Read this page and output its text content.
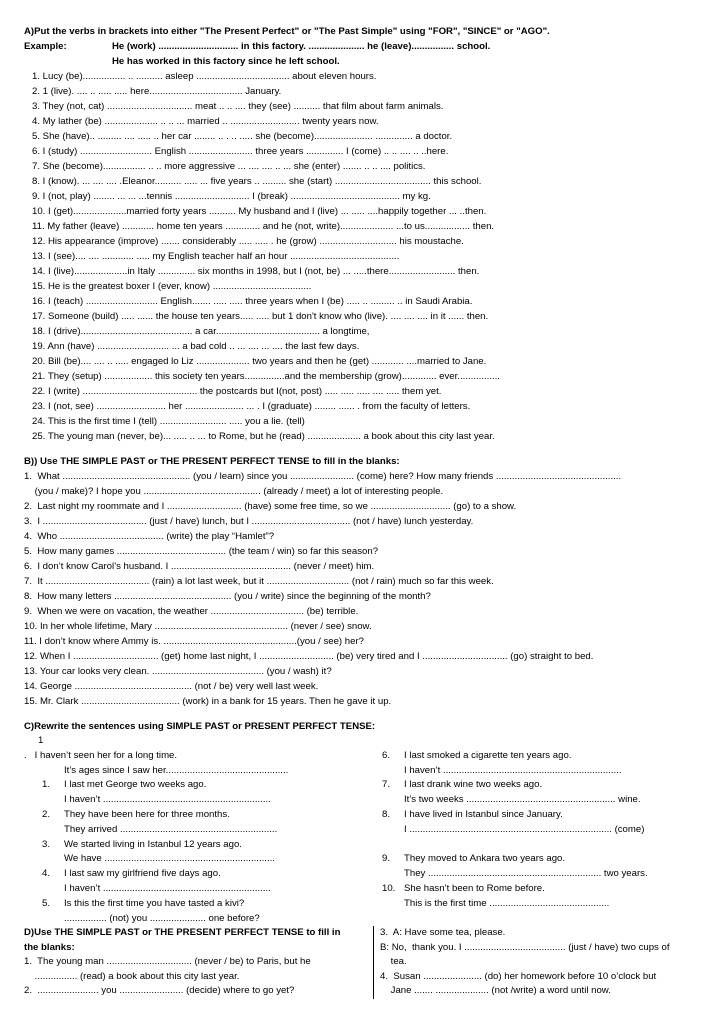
A)Put the verbs in brackets into either "The Present Perfect" or "The Past Simple" using "FOR", "SINCE" or "AGO".
Example:	He (work) .............................. in this factory. ..................... he (leave)................ school.
He has worked in this factory since he left school.
1. Lucy (be)................ .. .......... asleep ................................... about eleven hours.
2. 1 (live). .... .. ..... ..... here................................... January.
3. They (not, cat) ................................ meat .. .. .... they (see) .......... that film about farm animals.
4. My lather (be) .................... .. .. ... married .. .......................... twenty years now.
5. She (have).. ......... .... ..... .. her car ........ .. . .. ..... she (become)...................... .............. a doctor.
6. I (study) ........................... English ........................ three years .............. I (come) .. .. .... .. ..here.
7. She (become)................ .. .. more aggressive ... .... .... .. ... she (enter) ....... .. .. .... politics.
8. I (know). ... .... .... .Eleanor.......... ..... ... five years .. ......... she (start) .................................... this school.
9. I (not, play) ........ ... ... ...tennis ............................ I (break) ......................................... my kg.
10. I (get)....................married forty years .......... My husband and I (live) ... ..... ....happily together ... ..then.
11. My father (leave) ............ home ten years ............. and he (not, write).................... ...to us................. then.
12. His appearance (improve) ....... considerably ..... ..... . he (grow) ............................. his moustache.
13. I (see).... .... ............ ..... my English teacher half an hour .........................................
14. I (live)....................in Italy .............. six months in 1998, but I (not, be) ... .....there......................... then.
15. He is the greatest boxer I (ever, know) .....................................
16. I (teach) ........................... English....... ..... ..... three years when I (be) ..... .. ......... .. in Saudi Arabia.
17. Someone (build) ..... ...... the house ten years..... ..... but 1 don't know who (live). .... .... .... in it ...... then.
18. I (drive).......................................... a car....................................... a longtime,
19. Ann (have) ........................... ... a bad cold .. ... .... ... .... the last few days.
20. Bill (be).... .... .. ..... engaged lo Liz .................... two years and then he (get) ............ ....married to Jane.
21. They (setup) .................. this society ten years...............and the membership (grow)............. ever................
22. I (write) ........................................... the postcards but I(not, post) ..... ..... ..... .... ..... them yet.
23. I (not, see) .......................... her ...................... ... . I (graduate) ........ ...... . from the faculty of letters.
24. This is the first time I (tell) ......................... ..... you a lie. (tell)
25. The young man (never, be)... ..... .. ... to Rome, but he (read) .................... a book about this city last year.
B)) Use THE SIMPLE PAST or THE PRESENT PERFECT TENSE to fill in the blanks:
1.  What ................................................ (you / learn) since you ........................ (come) here? How many friends ...............................................
(you / make)? I hope you ............................................ (already / meet) a lot of interesting people.
2.  Last night my roommate and I ............................ (have) some free time, so we .............................. (go) to a show.
3.  I ....................................... (just / have) lunch, but I ..................................... (not / have) lunch yesterday.
4.  Who ....................................... (write) the play “Hamlet”?
5.  How many games ......................................... (the team / win) so far this season?
6.  I don’t know Carol’s husband. I ............................................. (never / meet) him.
7.  It ....................................... (rain) a lot last week, but it ............................... (not / rain) much so far this week.
8.  How many letters ............................................ (you / write) since the beginning of the month?
9.  When we were on vacation, the weather ................................... (be) terrible.
10. In her whole lifetime, Mary .................................................. (never / see) snow.
11. I don’t know where Ammy is. ..................................................(you / see) her?
12. When I ................................ (get) home last night, I ............................ (be) very tired and I ................................ (go) straight to bed.
13. Your car looks very clean. .......................................... (you / wash) it?
14. George ............................................ (not / be) very well last week.
15. Mr. Clark ..................................... (work) in a bank for 15 years. Then he gave it up.
C)Rewrite the sentences using SIMPLE PAST or PRESENT PERFECT TENSE:
1
. I haven’t seen her for a long time.
It’s ages since I saw her..............................................
1. I last met George two weeks ago.
I haven’t ...............................................................
2. They have been here for three months.
They arrived ...........................................................
3. We started living in Istanbul 12 years ago.
We have ................................................................
4. I last saw my girlfriend five days ago.
I haven’t ...............................................................
5. Is this the first time you have tasted a kivi?
................ (not) you ..................... one before?
6. I last smoked a cigarette ten years ago.
I haven’t ...................................................................
7. I last drank wine two weeks ago.
It’s two weeks ........................................................ wine.
8. I have lived in Istanbul since January.
I ............................................................................ (come)
9. They moved to Ankara two years ago.
They ................................................................. two years.
10. She hasn’t been to Rome before.
This is the first time .............................................
D)Use THE SIMPLE PAST or THE PRESENT PERFECT TENSE to fill in
the blanks:
1.  The young man ................................ (never / be) to Paris, but he
................ (read) a book about this city last year.
2.  ....................... you ........................ (decide) where to go yet?
3.  A: Have some tea, please.
B: No,  thank you. I ...................................... (just / have) two cups of
tea.
4.  Susan ...................... (do) her homework before 10 o’clock but
Jane ....... .................... (not /write) a word until now.
